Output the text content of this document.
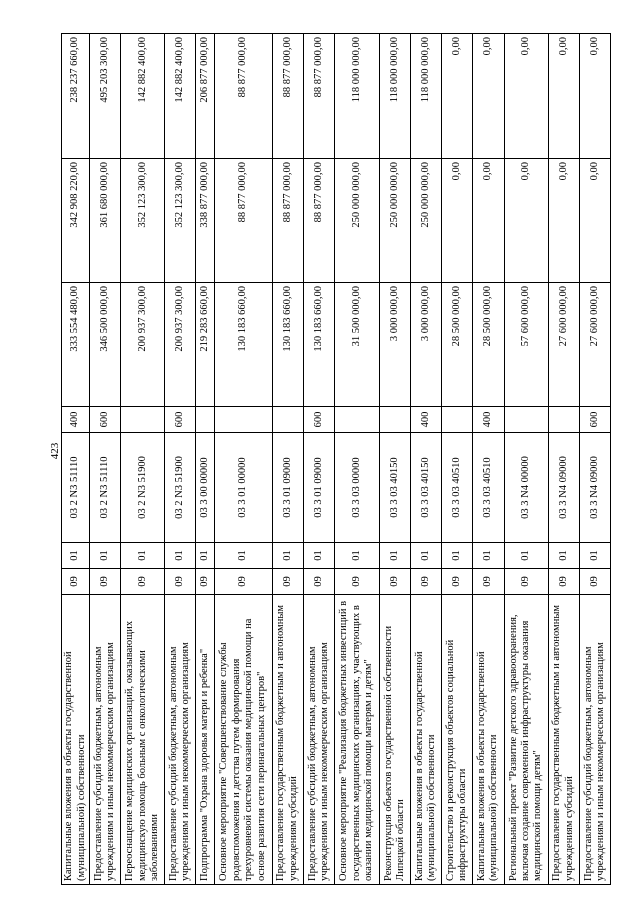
423
Капитальные вложения в объекты государственной (муниципальной) собственности	09	01	03 2 N3 51110	400	333 554 480,00	342 908 220,00	238 237 660,00
Предоставление субсидий бюджетным, автономным учреждениям и иным некоммерческим организациям	09	01	03 2 N3 51110	600	346 500 000,00	361 680 000,00	495 203 300,00
Переоснащение медицинских организаций, оказывающих медицинскую помощь больным с онкологическими заболеваниями	09	01	03 2 N3 51900		200 937 300,00	352 123 300,00	142 882 400,00
Предоставление субсидий бюджетным, автономным учреждениям и иным некоммерческим организациям	09	01	03 2 N3 51900	600	200 937 300,00	352 123 300,00	142 882 400,00
Подпрограмма "Охрана здоровья матери и ребенка"	09	01	03 3 00 00000		219 283 660,00	338 877 000,00	206 877 000,00
Основное мероприятие "Совершенствование службы родовспоможения и детства путем формирования трехуровневой системы оказания медицинской помощи на основе развития сети перинатальных центров"	09	01	03 3 01 00000		130 183 660,00	88 877 000,00	88 877 000,00
Предоставление государственным бюджетным и автономным учреждениям субсидий	09	01	03 3 01 09000		130 183 660,00	88 877 000,00	88 877 000,00
Предоставление субсидий бюджетным, автономным учреждениям и иным некоммерческим организациям	09	01	03 3 01 09000	600	130 183 660,00	88 877 000,00	88 877 000,00
Основное мероприятие "Реализация бюджетных инвестиций в государственных медицинских организациях, участвующих в оказании медицинской помощи матерям и детям"	09	01	03 3 03 00000		31 500 000,00	250 000 000,00	118 000 000,00
Реконструкция объектов государственной собственности Липецкой области	09	01	03 3 03 40150		3 000 000,00	250 000 000,00	118 000 000,00
Капитальные вложения в объекты государственной (муниципальной) собственности	09	01	03 3 03 40150	400	3 000 000,00	250 000 000,00	118 000 000,00
Строительство и реконструкция объектов социальной инфраструктуры области	09	01	03 3 03 40510		28 500 000,00	0,00	0,00
Капитальные вложения в объекты государственной (муниципальной) собственности	09	01	03 3 03 40510	400	28 500 000,00	0,00	0,00
Региональный проект "Развитие детского здравоохранения, включая создание современной инфраструктуры оказания медицинской помощи детям"	09	01	03 3 N4 00000		57 600 000,00	0,00	0,00
Предоставление государственным бюджетным и автономным учреждениям субсидий	09	01	03 3 N4 09000		27 600 000,00	0,00	0,00
Предоставление субсидий бюджетным, автономным учреждениям и иным некоммерческим организациям	09	01	03 3 N4 09000	600	27 600 000,00	0,00	0,00
